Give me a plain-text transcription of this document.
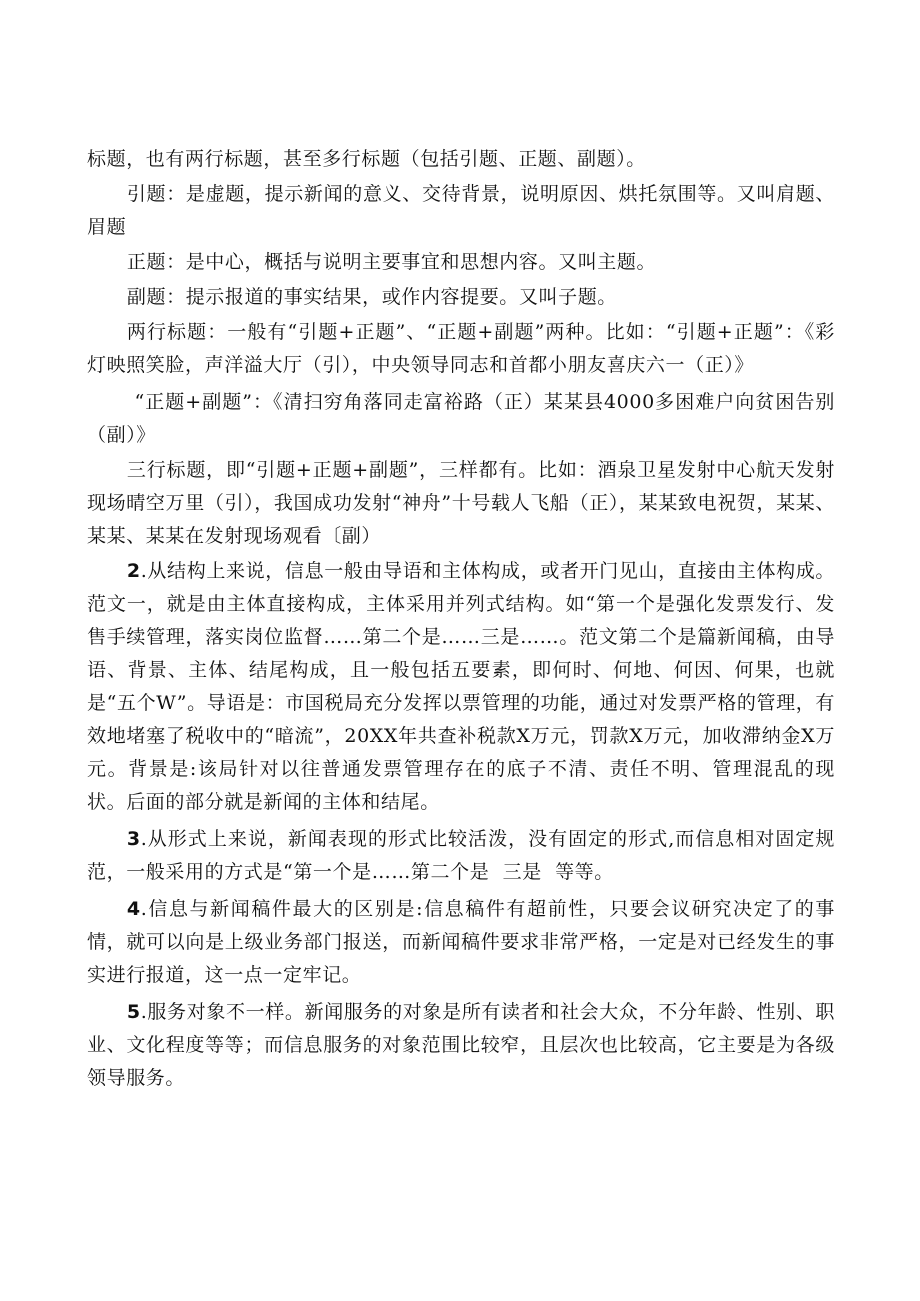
标题，也有两行标题，甚至多行标题（包括引题、正题、副题）。

引题：是虚题，提示新闻的意义、交待背景，说明原因、烘托氛围等。又叫肩题、眉题

正题：是中心，概括与说明主要事宜和思想内容。又叫主题。

副题：提示报道的事实结果，或作内容提要。又叫子题。

两行标题：一般有“引题+正题”、“正题+副题”两种。比如：“引题+正题”：《彩灯映照笑脸，声洋溢大厅（引），中央领导同志和首都小朋友喜庆六一（正）》

“正题+副题”：《清扫穷角落同走富裕路（正）某某县4000多困难户向贫困告别（副）》

三行标题，即“引题+正题+副题”，三样都有。比如：酒泉卫星发射中心航天发射现场晴空万里（引），我国成功发射“神舟”十号载人飞船（正），某某致电祝贺，某某、某某、某某在发射现场观看〔副）

2.从结构上来说，信息一般由导语和主体构成，或者开门见山，直接由主体构成。范文一，就是由主体直接构成，主体采用并列式结构。如“第一个是强化发票发行、发售手续管理，落实岗位监督……第二个是……三是……。范文第二个是篇新闻稿，由导语、背景、主体、结尾构成，且一般包括五要素，即何时、何地、何因、何果，也就是“五个W”。导语是：市国税局充分发挥以票管理的功能，通过对发票严格的管理，有效地堵塞了税收中的“暗流”，20XX年共查补税款X万元，罚款X万元，加收滞纳金X万元。背景是:该局针对以往普通发票管理存在的底子不清、责任不明、管理混乱的现状。后面的部分就是新闻的主体和结尾。

3.从形式上来说，新闻表现的形式比较活泼，没有固定的形式,而信息相对固定规范，一般采用的方式是“第一个是……第二个是  三是  等等。

4.信息与新闻稿件最大的区别是:信息稿件有超前性，只要会议研究决定了的事情，就可以向是上级业务部门报送，而新闻稿件要求非常严格，一定是对已经发生的事实进行报道，这一点一定牢记。

5.服务对象不一样。新闻服务的对象是所有读者和社会大众，不分年龄、性别、职业、文化程度等等；而信息服务的对象范围比较窄，且层次也比较高，它主要是为各级领导服务。
